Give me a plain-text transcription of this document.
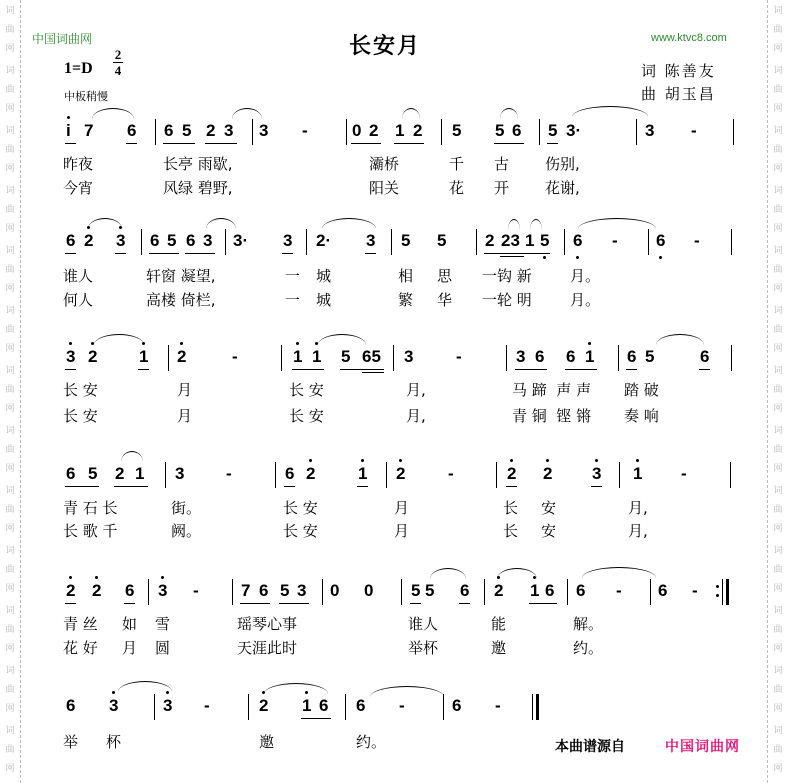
词
曲
网
词
曲
网
词
曲
网
词
曲
网
词
曲
网
词
曲
网
词
曲
网
词
曲
网
词
曲
网
词
曲
网
词
曲
网
词
曲
网
词
曲
网
词
曲
网
词
曲
网
词
曲
网
词
曲
网
词
曲
网
词
曲
网
词
曲
网
词
曲
网
词
曲
网
词
曲
网
词
曲
网
词
曲
网
词
曲
网
中国词曲网	长安月	www.ktvc8.com
1=D
2
4
中板稍慢
词 陈善友
曲 胡玉昌
i 7 6 6 5 2 3 3 -	0 2 1 2 5 5 6 5 3·	3 -
昨夜	长亭 雨歇,	灞桥	千 古 伤别,
今宵	风绿 碧野,	阳关	花 开 花谢,
6 2 3 6 5 6 3 3· 3 2· 3 5 5 2 23 1 5 6 - 6 -
谁人	轩窗 凝望,	一 城	相 思 一钩 新	月。
何人	高楼 倚栏,	一 城	繁 华 一轮 明	月。
3 2 1 2	-	1 1 5 65 3	-	3 6 6 1 6 5	6
长 安	月	长 安	月,	马 蹄  声 声 踏 破
长 安	月	长 安	月,	青 铜  铿 锵 奏 响
6 5 2 1 3 -	6 2	1 2	-	2 2 3 1 -
青 石 长	街。	长 安	月	长 安	月,
长 歌 千	阙。	长 安	月	长 安	月,
2 2 6 3 - 7 6 5 3 0 0 5 5 6 2 1 6 6 - 6 -
青 丝 如 雪	瑶琴心事	谁人	能	解。
花 好 月 圆	天涯此时	举杯	邀	约。
6 3	3 -	2 1 6 6 -	6 -
举 杯	邀	约。	本曲谱源自	中国词曲网
